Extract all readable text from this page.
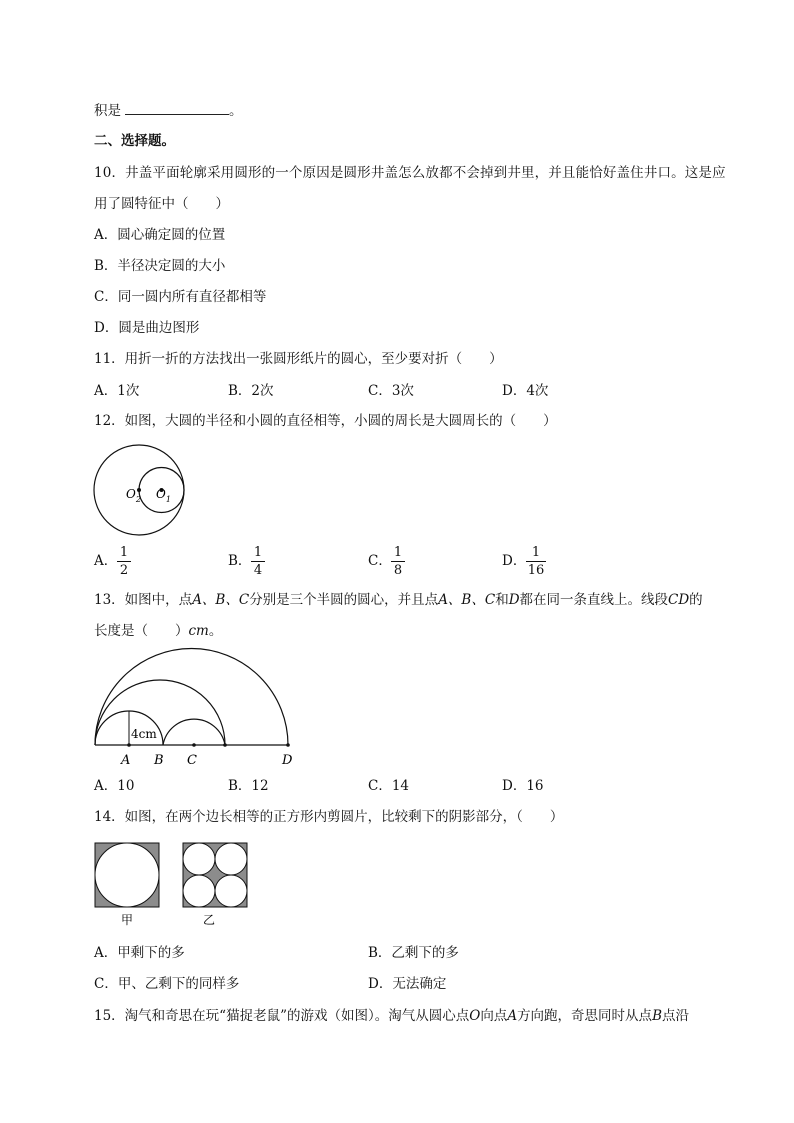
积是	。
二、选择题。
10．井盖平面轮廓采用圆形的一个原因是圆形井盖怎么放都不会掉到井里，并且能恰好盖住井口。这是应
用了圆特征中（　　）
A．圆心确定圆的位置
B．半径决定圆的大小
C．同一圆内所有直径都相等
D．圆是曲边图形
11．用折一折的方法找出一张圆形纸片的圆心，至少要对折（　　）
A．1次	B．2次	C．3次	D．4次
12．如图，大圆的半径和小圆的直径相等，小圆的周长是大圆周长的（　　）
$O_2$ $O_1$
A．
1
2
B．
1
4
C．
1
8
D．
1
16
13．如图中，点A、B、C分别是三个半圆的圆心，并且点A、B、C和D都在同一条直线上。线段CD的
长度是（　　）cm。
4cm
A B C	D
A．10	B．12	C．14	D．16
14．如图，在两个边长相等的正方形内剪圆片，比较剩下的阴影部分，（　　）
甲	乙
A．甲剩下的多	B．乙剩下的多
C．甲、乙剩下的同样多	D．无法确定
15．淘气和奇思在玩“猫捉老鼠”的游戏（如图）。淘气从圆心点O向点A方向跑，奇思同时从点B点沿
